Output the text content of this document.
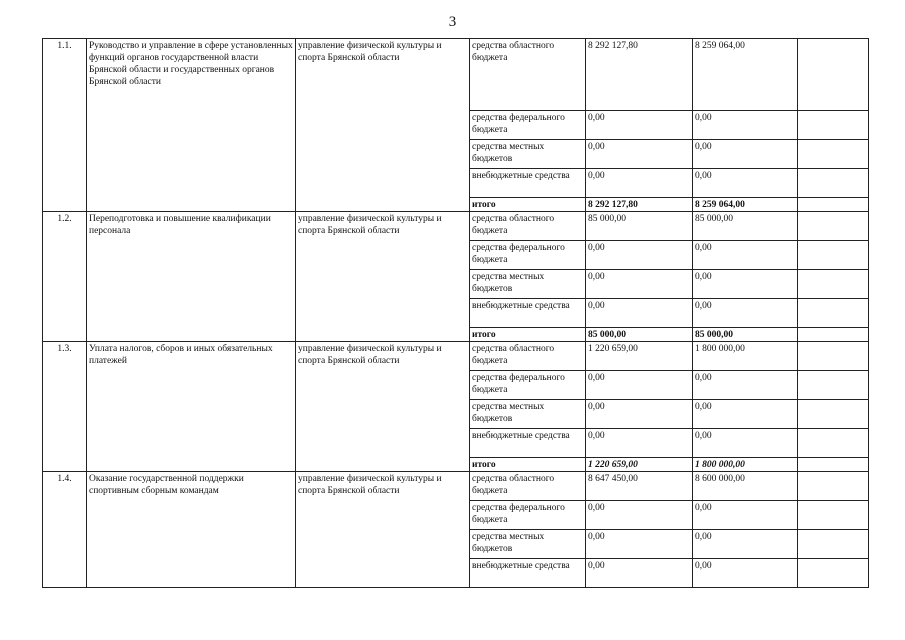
3
1.1.	Руководство и управление в сфере установленных функций органов государственной власти Брянской области и государственных органов Брянской области	управление физической культуры и спорта Брянской области	средства областного бюджета	8 292 127,80	8 259 064,00	
			средства федерального бюджета	0,00	0,00	
			средства местных бюджетов	0,00	0,00	
			внебюджетные средства	0,00	0,00	
			итого	8 292 127,80	8 259 064,00	
1.2.	Переподготовка и повышение квалификации персонала	управление физической культуры и спорта Брянской области	средства областного бюджета	85 000,00	85 000,00	
			средства федерального бюджета	0,00	0,00	
			средства местных бюджетов	0,00	0,00	
			внебюджетные средства	0,00	0,00	
			итого	85 000,00	85 000,00	
1.3.	Уплата налогов, сборов и иных обязательных платежей	управление физической культуры и спорта Брянской области	средства областного бюджета	1 220 659,00	1 800 000,00	
			средства федерального бюджета	0,00	0,00	
			средства местных бюджетов	0,00	0,00	
			внебюджетные средства	0,00	0,00	
			итого	1 220 659,00	1 800 000,00	
1.4.	Оказание государственной поддержки спортивным сборным командам	управление физической культуры и спорта Брянской области	средства областного бюджета	8 647 450,00	8 600 000,00	
			средства федерального бюджета	0,00	0,00	
			средства местных бюджетов	0,00	0,00	
			внебюджетные средства	0,00	0,00	
